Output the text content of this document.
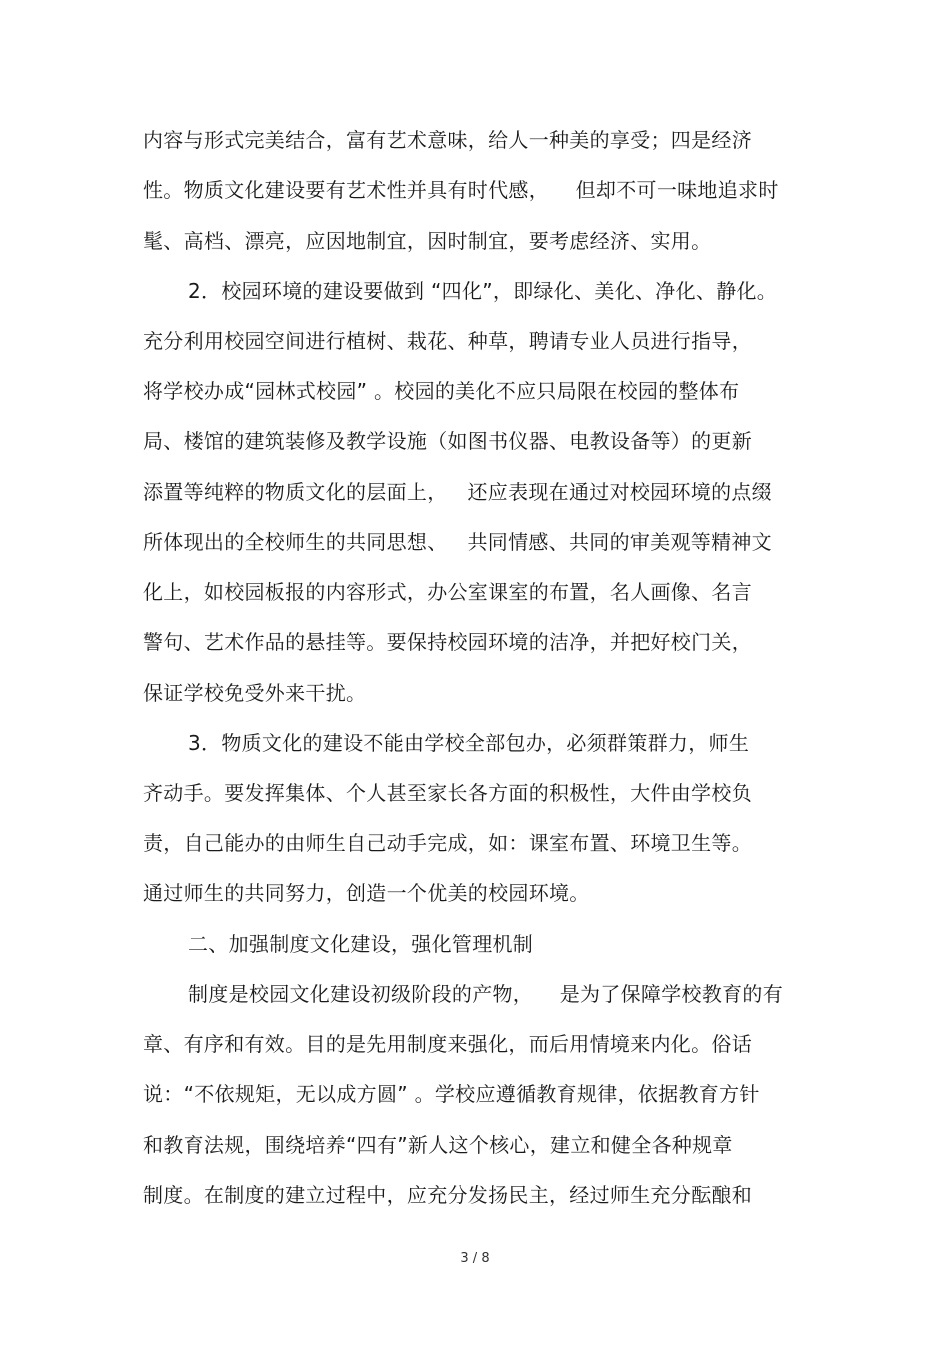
内容与形式完美结合，富有艺术意味，给人一种美的享受；四是经济
性。物质文化建设要有艺术性并具有时代感，    但却不可一味地追求时
髦、高档、漂亮，应因地制宜，因时制宜，要考虑经济、实用。
2．校园环境的建设要做到 “四化”，即绿化、美化、净化、静化。
充分利用校园空间进行植树、栽花、种草，聘请专业人员进行指导，
将学校办成“园林式校园” 。校园的美化不应只局限在校园的整体布
局、楼馆的建筑装修及教学设施（如图书仪器、电教设备等）的更新
添置等纯粹的物质文化的层面上，   还应表现在通过对校园环境的点缀
所体现出的全校师生的共同思想、   共同情感、共同的审美观等精神文
化上，如校园板报的内容形式，办公室课室的布置，名人画像、名言
警句、艺术作品的悬挂等。要保持校园环境的洁净，并把好校门关，
保证学校免受外来干扰。
3．物质文化的建设不能由学校全部包办，必须群策群力，师生
齐动手。要发挥集体、个人甚至家长各方面的积极性，大件由学校负
责，自己能办的由师生自己动手完成，如：课室布置、环境卫生等。
通过师生的共同努力，创造一个优美的校园环境。
二、加强制度文化建设，强化管理机制
制度是校园文化建设初级阶段的产物，    是为了保障学校教育的有
章、有序和有效。目的是先用制度来强化，而后用情境来内化。俗话
说：“不依规矩，无以成方圆” 。学校应遵循教育规律，依据教育方针
和教育法规，围绕培养“四有”新人这个核心，建立和健全各种规章
制度。在制度的建立过程中，应充分发扬民主，经过师生充分酝酿和
3 / 8
